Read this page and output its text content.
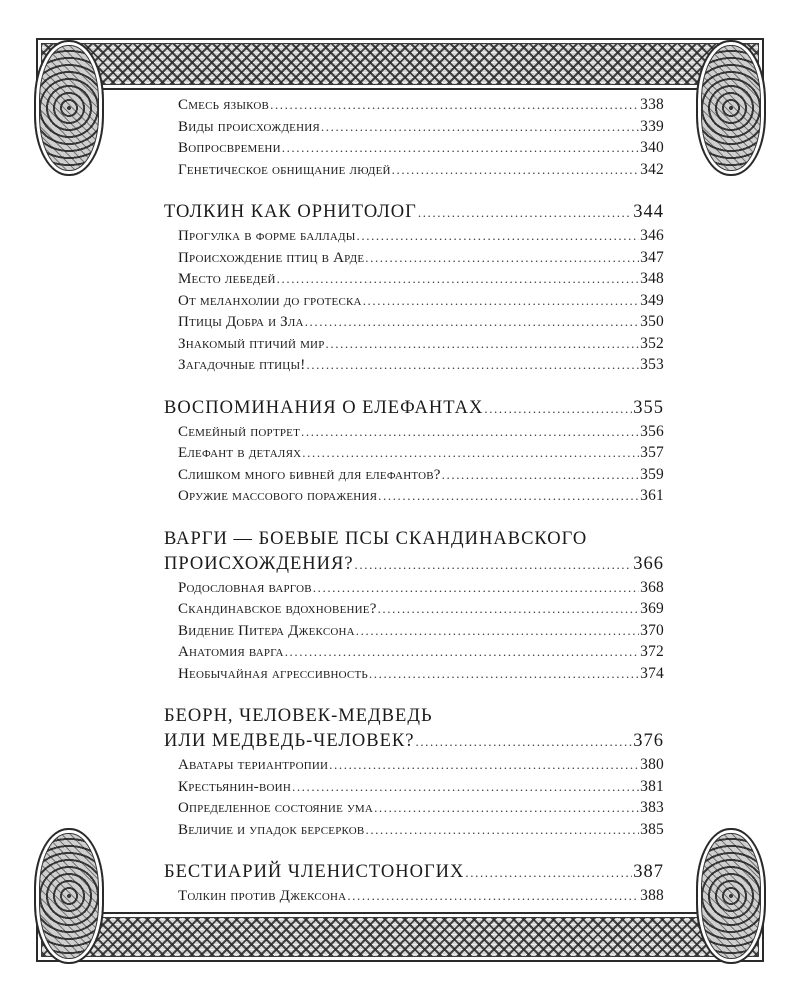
Смесь языков .....	338
Виды происхождения .....	339
Вопросвремени .....	340
Генетическое обнищание людей .....	342
ТОЛКИН КАК ОРНИТОЛОГ .....	344
Прогулка в форме баллады .....	346
Происхождение птиц в Арде .....	347
Место лебедей .....	348
От меланхолии до гротеска .....	349
Птицы Добра и Зла .....	350
Знакомый птичий мир .....	352
Загадочные птицы! .....	353
ВОСПОМИНАНИЯ О ЕЛЕФАНТАХ .....	355
Семейный портрет .....	356
Елефант в деталях .....	357
Слишком много бивней для елефантов? .....	359
Оружие массового поражения .....	361
ВАРГИ — БОЕВЫЕ ПСЫ СКАНДИНАВСКОГО
ПРОИСХОЖДЕНИЯ? .....	366
Родословная варгов .....	368
Скандинавское вдохновение? .....	369
Видение Питера Джексона .....	370
Анатомия варга .....	372
Необычайная агрессивность .....	374
БЕОРН, ЧЕЛОВЕК-МЕДВЕДЬ
ИЛИ МЕДВЕДЬ-ЧЕЛОВЕК? .....	376
Аватары териантропии .....	380
Крестьянин-воин .....	381
Определенное состояние ума .....	383
Величие и упадок берсерков .....	385
БЕСТИАРИЙ ЧЛЕНИСТОНОГИХ .....	387
Толкин против Джексона .....	388
